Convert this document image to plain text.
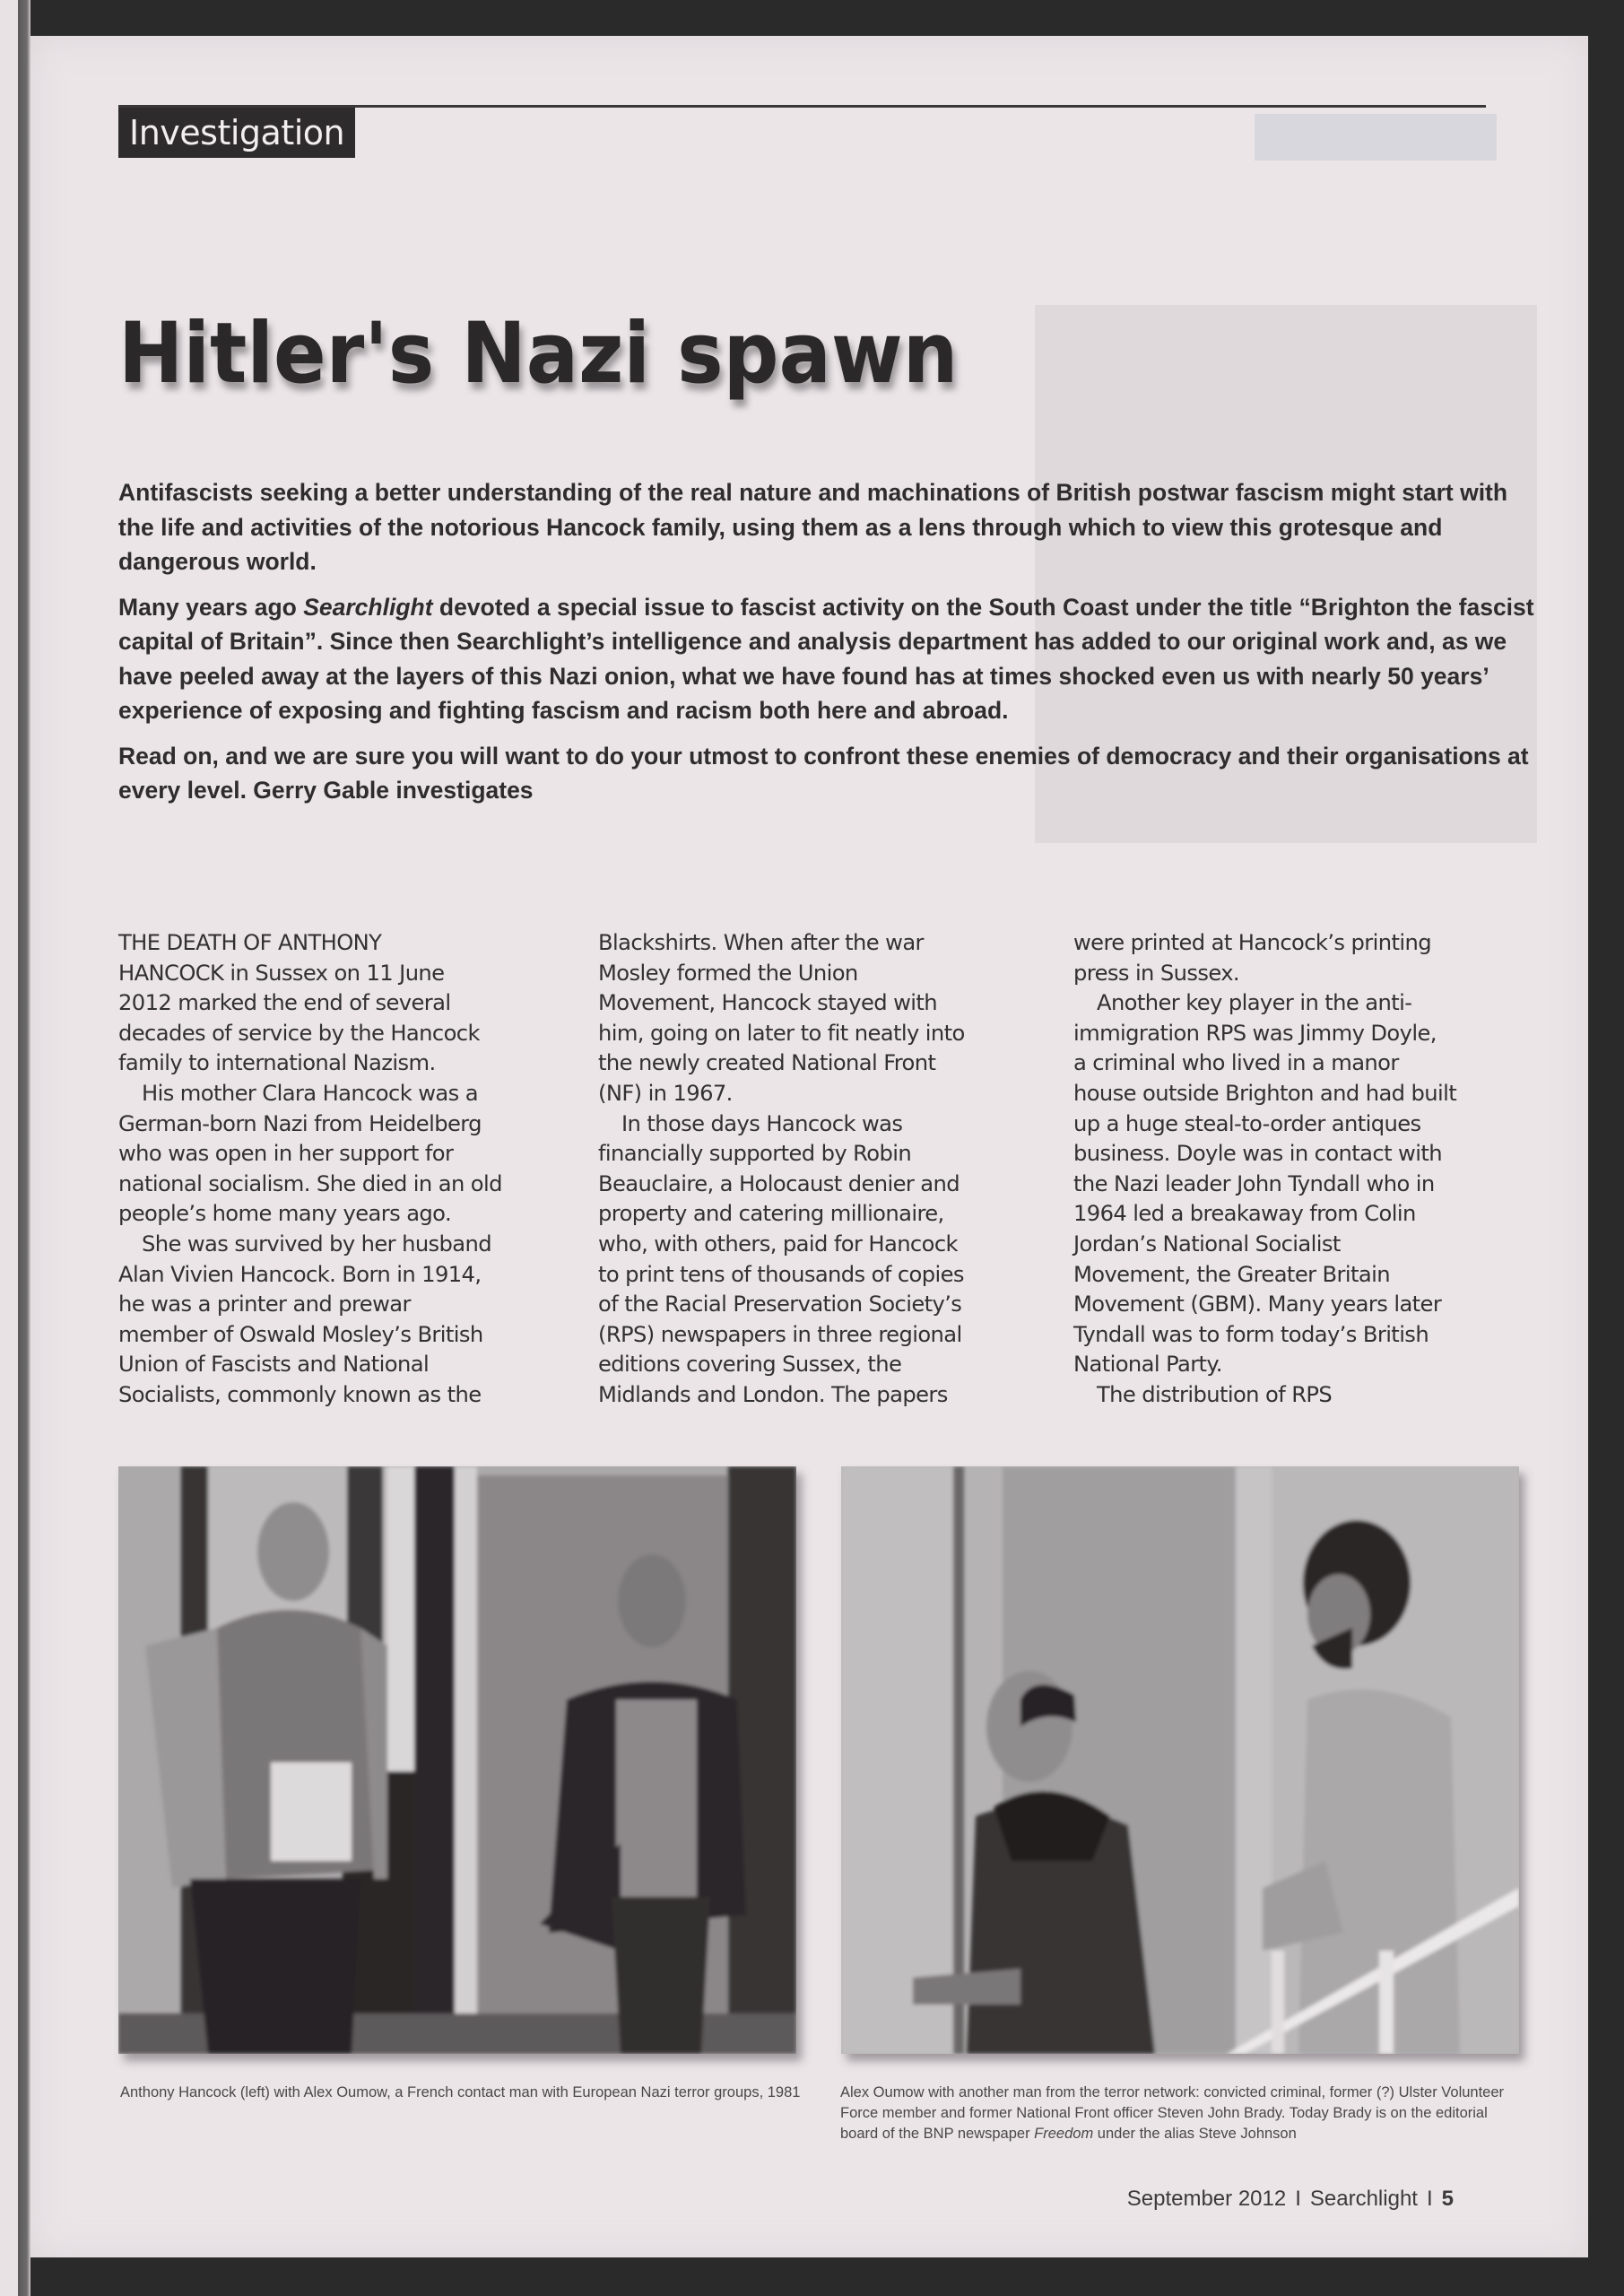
Investigation
Hitler's Nazi spawn

Antifascists seeking a better understanding of the real nature and machinations of British postwar fascism might start with the life and activities of the notorious Hancock family, using them as a lens through which to view this grotesque and dangerous world.

Many years ago Searchlight devoted a special issue to fascist activity on the South Coast under the title “Brighton the fascist capital of Britain”. Since then Searchlight’s intelligence and analysis department has added to our original work and, as we have peeled away at the layers of this Nazi onion, what we have found has at times shocked even us with nearly 50 years’ experience of exposing and fighting fascism and racism both here and abroad.

Read on, and we are sure you will want to do your utmost to confront these enemies of democracy and their organisations at every level. Gerry Gable investigates

THE DEATH OF ANTHONY
HANCOCK in Sussex on 11 June
2012 marked the end of several
decades of service by the Hancock
family to international Nazism.
His mother Clara Hancock was a
German-born Nazi from Heidelberg
who was open in her support for
national socialism. She died in an old
people’s home many years ago.
She was survived by her husband
Alan Vivien Hancock. Born in 1914,
he was a printer and prewar
member of Oswald Mosley’s British
Union of Fascists and National
Socialists, commonly known as the
Blackshirts. When after the war
Mosley formed the Union
Movement, Hancock stayed with
him, going on later to fit neatly into
the newly created National Front
(NF) in 1967.
In those days Hancock was
financially supported by Robin
Beauclaire, a Holocaust denier and
property and catering millionaire,
who, with others, paid for Hancock
to print tens of thousands of copies
of the Racial Preservation Society’s
(RPS) newspapers in three regional
editions covering Sussex, the
Midlands and London. The papers
were printed at Hancock’s printing
press in Sussex.
Another key player in the anti-
immigration RPS was Jimmy Doyle,
a criminal who lived in a manor
house outside Brighton and had built
up a huge steal-to-order antiques
business. Doyle was in contact with
the Nazi leader John Tyndall who in
1964 led a breakaway from Colin
Jordan’s National Socialist
Movement, the Greater Britain
Movement (GBM). Many years later
Tyndall was to form today’s British
National Party.
The distribution of RPS
Anthony Hancock (left) with Alex Oumow, a French contact man with European Nazi terror groups, 1981	Alex Oumow with another man from the terror network: convicted criminal, former (?) Ulster Volunteer Force member and former National Front officer Steven John Brady. Today Brady is on the editorial board of the BNP newspaper Freedom under the alias Steve Johnson
September 2012 I Searchlight I 5
